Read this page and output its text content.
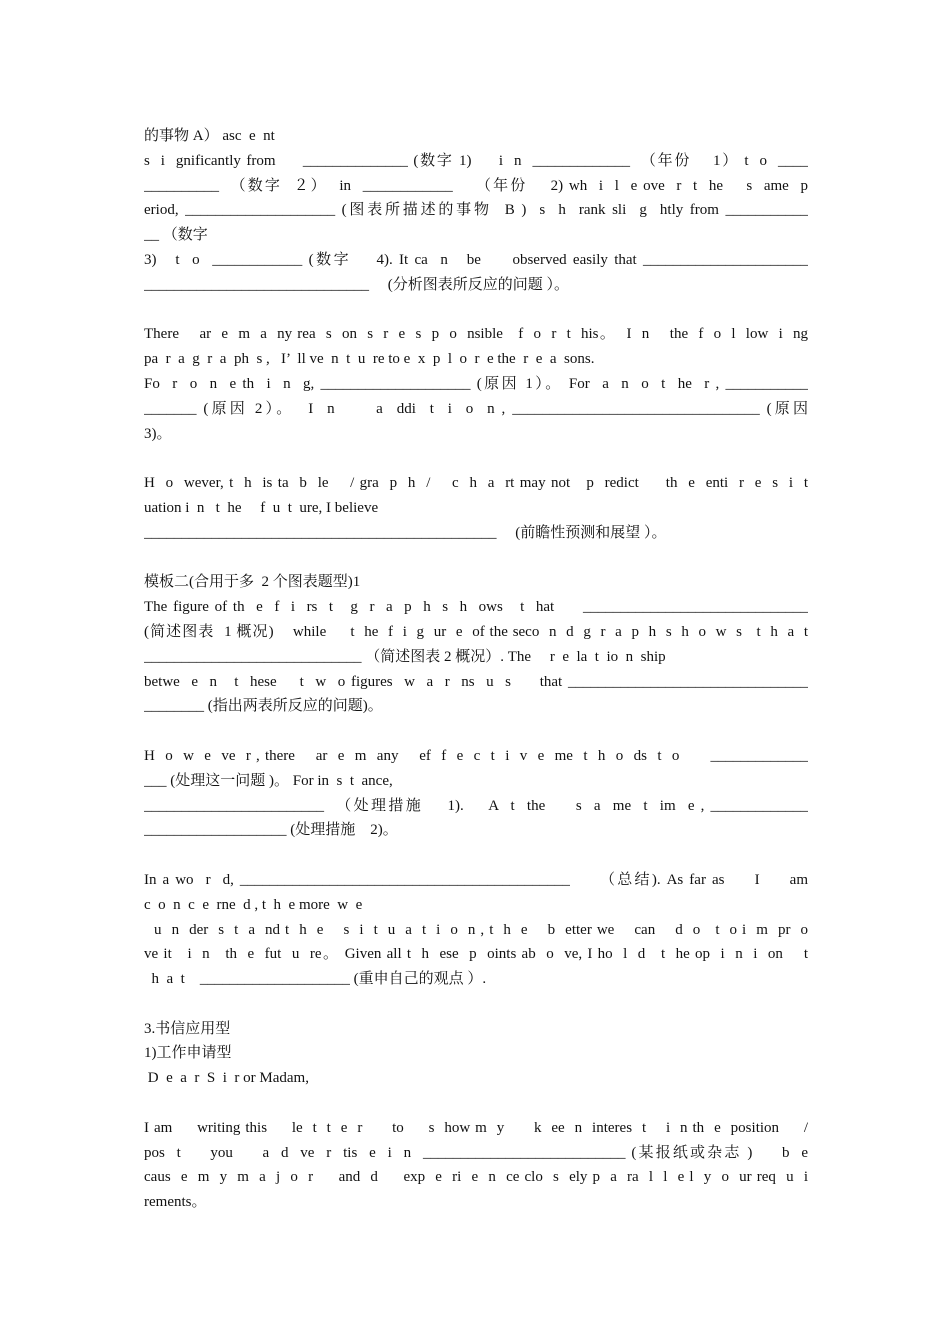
的事物 A） asc  e  nt
s  i  gnificantly from     ______________ (数字 1)     i  n  _____________  （年份    1） t  o  ____
__________  （数字  ２）  in  ____________    （年份    2) wh  i  l  e ove  r  t  he    s  ame  p
eriod, ____________________ (图表所描述的事物  B )  s  h  rank sli  g  htly from ___________
__ （数字
3)   t  o  ____________ (数字    4). It ca  n   be     observed easily that ______________________
______________________________     (分析图表所反应的问题 ）。
There    ar  e  m  a  ny rea  s  on  s  r  e  s  p  o  nsible   f  o  r  t  his。  I  n    the  f  o  l  low  i  ng
pa  r  a  g  r  a  ph  s ,   I’  ll ve  n  t  u  re to e  x  p  l  o  r  e the  r  e  a  sons.
Fo  r  o  n  e th  i  n  g, ____________________ (原因 1）。 For  a  n  o  t  he  r , ___________
_______ (原因 2）。  I  n      a  ddi  t  i  o  n , _________________________________ (原因
3)。
H  o  wever, t  h  is ta  b  le    / gra  p  h  /    c  h  a  rt may not   p  redict     th  e  enti  r  e  s  i  t
uation i  n   t  he     f  u  t  ure, I believe
_______________________________________________     (前瞻性预测和展望 ）。
模板二(合用于多  2 个图表题型)1
The figure of th  e  f  i  rs  t   g  r  a  p  h  s  h  ows   t  hat     ______________________________
(简述图表  1 概况)    while     t  he  f  i  g  ur  e  of the seco  n  d  g  r  a  p  h  s  h  o  w  s   t  h  a  t
_____________________________ （简述图表 2 概况）. The     r  e  la  t  io  n  ship
betwe  e  n   t  hese    t  w  o figures  w  a  r  ns  u  s     that ________________________________
________ (指出两表所反应的问题)。
H  o  w  e  ve  r , there    ar  e  m  any    ef  f  e  c  t  i  v  e  me  t  h  o  ds  t  o      _____________
___ (处理这一问题 )。 For in  s  t  ance,
________________________  （处理措施    1).    A  t  the     s  a  me  t  im  e , _____________
___________________ (处理措施    2)。
In a wo  r  d, ____________________________________________     （总结). As far as     I     am
c  o  n  c  e  rne  d , t  h  e more  w  e
u  n  der  s  t  a  nd t  h  e    s  i  t  u  a  t  i  o  n , t  h  e    b  etter we    can    d  o   t  o i  m  pr  o
ve it   i  n   th  e  fut  u  re。 Given all t  h  ese  p  oints ab  o  ve, I ho  l  d   t  he op  i  n  i  on    t
h  a  t    ____________________ (重申自己的观点 ）.
3.书信应用型
1)工作申请型
D  e  a  r  S  i  r or Madam,
I am     writing this     le  t  t  e  r      to     s  how m  y      k  ee  n  interes  t    i  n th  e  position     /
pos  t     you     a  d  ve  r  tis  e  i  n  ___________________________ (某报纸或杂志 )     b  e
caus  e  m  y  m  a  j  o  r     and  d     exp  e  ri  e  n  ce clo  s  ely p  a  ra  l  l  e l  y  o  ur req  u  i
rements。
